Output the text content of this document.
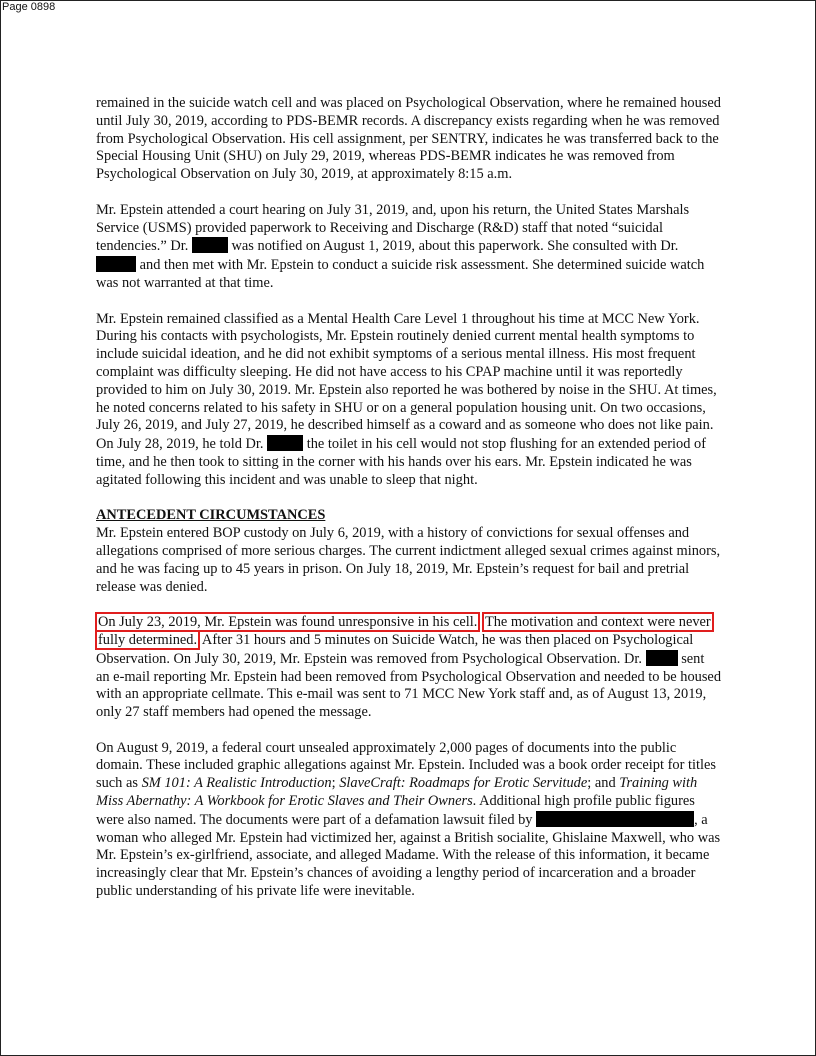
Page 0898

remained in the suicide watch cell and was placed on Psychological Observation, where he remained housed until July 30, 2019, according to PDS-BEMR records. A discrepancy exists regarding when he was removed from Psychological Observation. His cell assignment, per SENTRY, indicates he was transferred back to the Special Housing Unit (SHU) on July 29, 2019, whereas PDS-BEMR indicates he was removed from Psychological Observation on July 30, 2019, at approximately 8:15 a.m.

Mr. Epstein attended a court hearing on July 31, 2019, and, upon his return, the United States Marshals Service (USMS) provided paperwork to Receiving and Discharge (R&D) staff that noted “suicidal tendencies.” Dr.	was notified on August 1, 2019, about this paperwork. She consulted with Dr.  and then met with Mr. Epstein to conduct a suicide risk assessment. She determined suicide watch was not warranted at that time.

Mr. Epstein remained classified as a Mental Health Care Level 1 throughout his time at MCC New York. During his contacts with psychologists, Mr. Epstein routinely denied current mental health symptoms to include suicidal ideation, and he did not exhibit symptoms of a serious mental illness. His most frequent complaint was difficulty sleeping. He did not have access to his CPAP machine until it was reportedly provided to him on July 30, 2019. Mr. Epstein also reported he was bothered by noise in the SHU. At times, he noted concerns related to his safety in SHU or on a general population housing unit. On two occasions, July 26, 2019, and July 27, 2019, he described himself as a coward and as someone who does not like pain. On July 28, 2019, he told Dr.	the toilet in his cell would not stop flushing for an extended period of time, and he then took to sitting in the corner with his hands over his ears. Mr. Epstein indicated he was agitated following this incident and was unable to sleep that night.

ANTECEDENT CIRCUMSTANCES

Mr. Epstein entered BOP custody on July 6, 2019, with a history of convictions for sexual offenses and allegations comprised of more serious charges. The current indictment alleged sexual crimes against minors, and he was facing up to 45 years in prison. On July 18, 2019, Mr. Epstein’s request for bail and pretrial release was denied.

On July 23, 2019, Mr. Epstein was found unresponsive in his cell. The motivation and context were never fully determined. After 31 hours and 5 minutes on Suicide Watch, he was then placed on Psychological Observation. On July 30, 2019, Mr. Epstein was removed from Psychological Observation. Dr.	sent an e-mail reporting Mr. Epstein had been removed from Psychological Observation and needed to be housed with an appropriate cellmate. This e-mail was sent to 71 MCC New York staff and, as of August 13, 2019, only 27 staff members had opened the message.

On August 9, 2019, a federal court unsealed approximately 2,000 pages of documents into the public domain. These included graphic allegations against Mr. Epstein. Included was a book order receipt for titles such as SM 101: A Realistic Introduction; SlaveCraft: Roadmaps for Erotic Servitude; and Training with Miss Abernathy: A Workbook for Erotic Slaves and Their Owners. Additional high profile public figures were also named. The documents were part of a defamation lawsuit filed by	, a woman who alleged Mr. Epstein had victimized her, against a British socialite, Ghislaine Maxwell, who was Mr. Epstein’s ex-girlfriend, associate, and alleged Madame. With the release of this information, it became increasingly clear that Mr. Epstein’s chances of avoiding a lengthy period of incarceration and a broader public understanding of his private life were inevitable.
